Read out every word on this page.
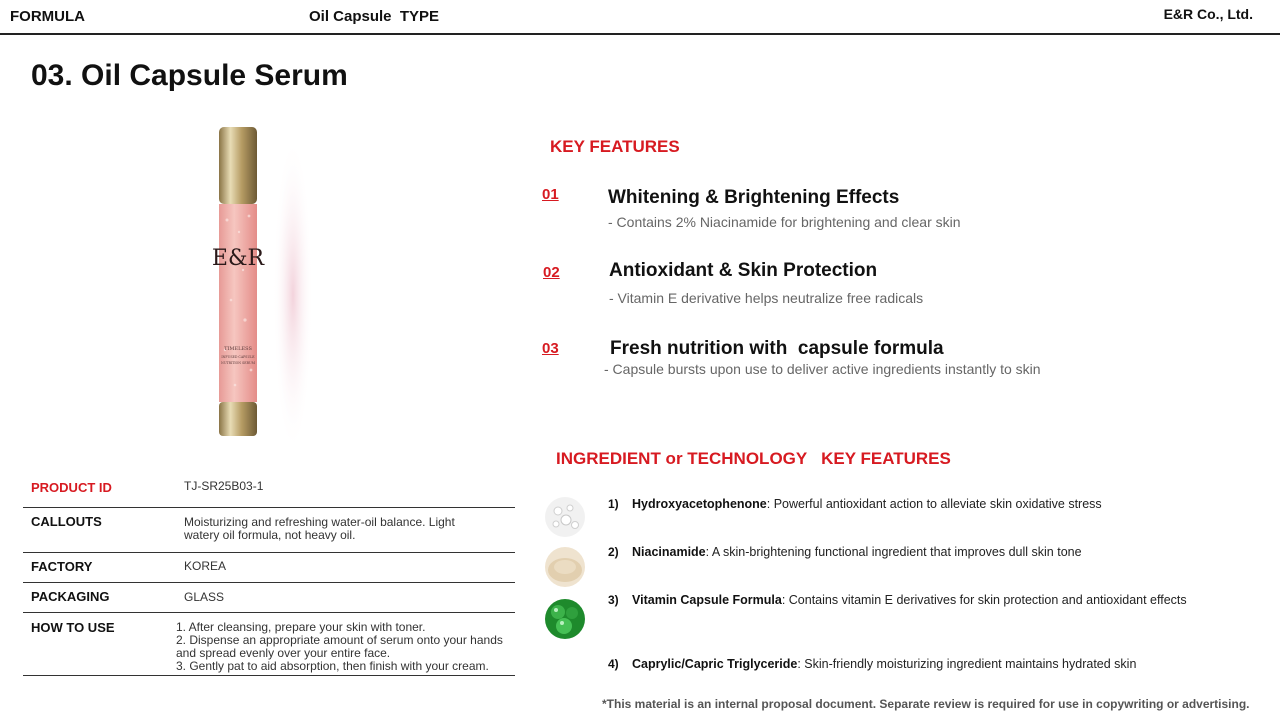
FORMULA	Oil Capsule  TYPE	E&R Co., Ltd.
03. Oil Capsule Serum
E&R
TIMELESS
INFUSED CAPSULE
NUTRITION SERUM
PRODUCT ID	TJ-SR25B03-1
CALLOUTS	Moisturizing and refreshing water-oil balance. Light watery oil formula, not heavy oil.
FACTORY	KOREA
PACKAGING	GLASS
HOW TO USE	1. After cleansing, prepare your skin with toner.
2. Dispense an appropriate amount of serum onto your hands and spread evenly over your entire face.
3. Gently pat to aid absorption, then finish with your cream.
KEY FEATURES
01	Whitening & Brightening Effects
- Contains 2% Niacinamide for brightening and clear skin
02	Antioxidant & Skin Protection
- Vitamin E derivative helps neutralize free radicals
03	Fresh nutrition with  capsule formula
- Capsule bursts upon use to deliver active ingredients instantly to skin
INGREDIENT or TECHNOLOGY   KEY FEATURES
1) Hydroxyacetophenone: Powerful antioxidant action to alleviate skin oxidative stress
2) Niacinamide: A skin-brightening functional ingredient that improves dull skin tone
3) Vitamin Capsule Formula: Contains vitamin E derivatives for skin protection and antioxidant effects
4) Caprylic/Capric Triglyceride: Skin-friendly moisturizing ingredient maintains hydrated skin
*This material is an internal proposal document. Separate review is required for use in copywriting or advertising.
